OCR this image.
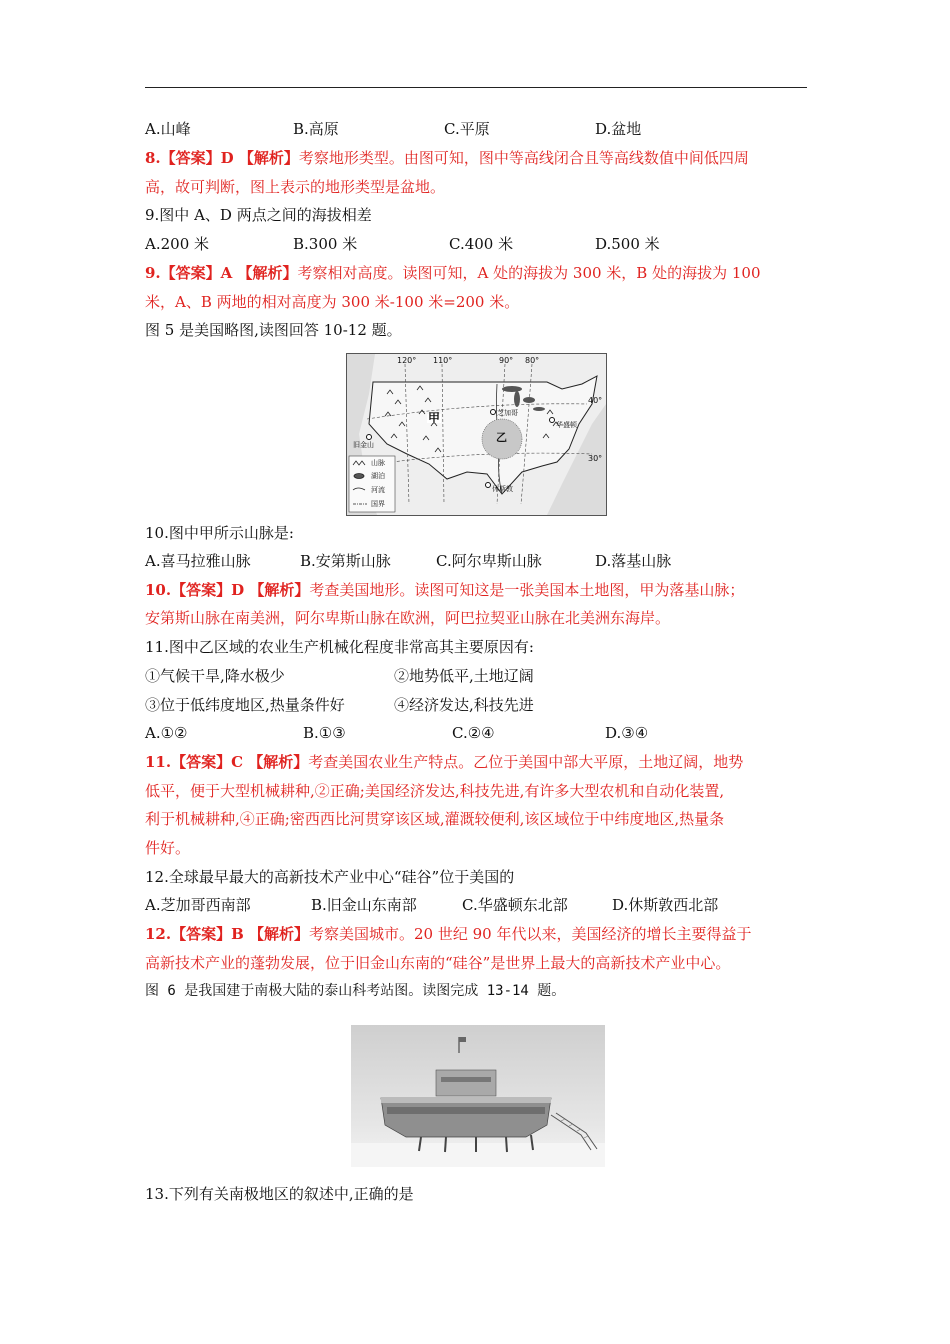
A.山峰	B.高原	C.平原	D.盆地
8.【答案】D 【解析】考察地形类型。由图可知，图中等高线闭合且等高线数值中间低四周
高，故可判断，图上表示的地形类型是盆地。
9.图中 A、D 两点之间的海拔相差
A.200 米	B.300 米	C.400 米	D.500 米
9.【答案】A 【解析】考察相对高度。读图可知，A 处的海拔为 300 米，B 处的海拔为 100
米，A、B 两地的相对高度为 300 米-100 米=200 米。
图 5 是美国略图,读图回答 10-12 题。
120° 110°	90° 80°
40°
30°
甲
乙
旧金山
芝加哥
华盛顿
休斯敦
山脉
湖泊
河流
国界
10.图中甲所示山脉是:
A.喜马拉雅山脉	B.安第斯山脉	C.阿尔卑斯山脉	D.落基山脉
10.【答案】D 【解析】考查美国地形。读图可知这是一张美国本土地图，甲为落基山脉；
安第斯山脉在南美洲，阿尔卑斯山脉在欧洲，阿巴拉契亚山脉在北美洲东海岸。
11.图中乙区域的农业生产机械化程度非常高其主要原因有:
①气候干旱,降水极少	②地势低平,土地辽阔
③位于低纬度地区,热量条件好	④经济发达,科技先进
A.①②	B.①③	C.②④	D.③④
11.【答案】C 【解析】考查美国农业生产特点。乙位于美国中部大平原，土地辽阔，地势
低平，便于大型机械耕种,②正确;美国经济发达,科技先进,有许多大型农机和自动化装置,
利于机械耕种,④正确;密西西比河贯穿该区域,灌溉较便利,该区域位于中纬度地区,热量条
件好。
12.全球最早最大的高新技术产业中心“硅谷”位于美国的
A.芝加哥西南部	B.旧金山东南部	C.华盛顿东北部	D.休斯敦西北部
12.【答案】B 【解析】考察美国城市。20 世纪 90 年代以来，美国经济的增长主要得益于
高新技术产业的蓬勃发展，位于旧金山东南的“硅谷”是世界上最大的高新技术产业中心。
图 6 是我国建于南极大陆的泰山科考站图。读图完成 13-14 题。
13.下列有关南极地区的叙述中,正确的是
